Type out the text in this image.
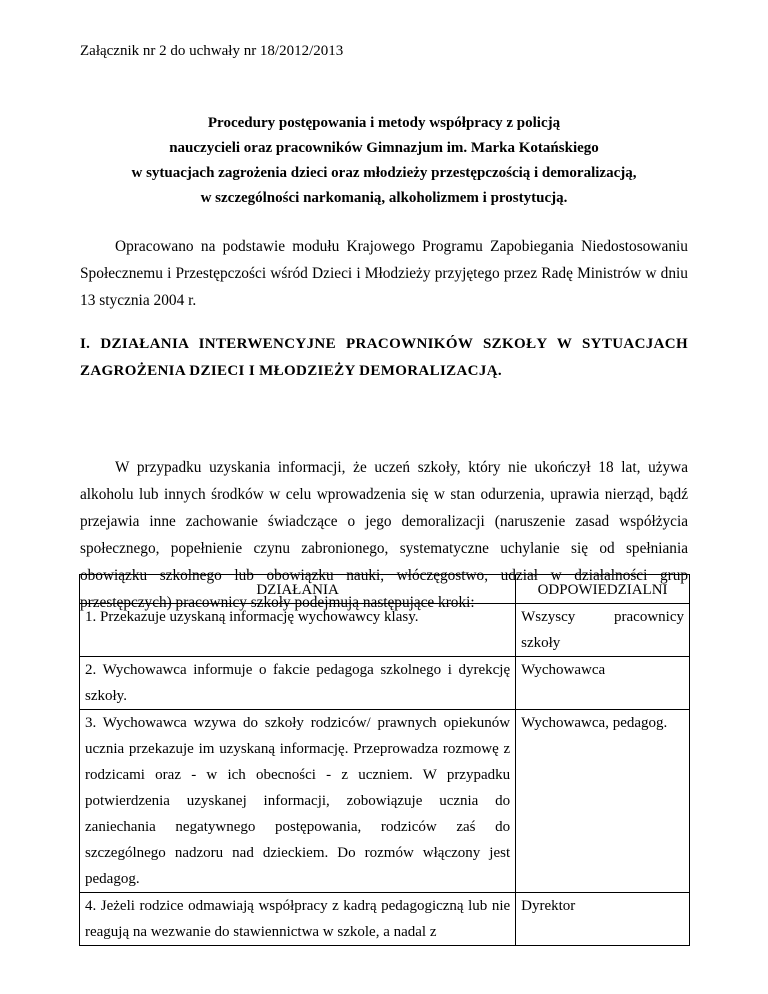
Załącznik nr 2 do uchwały nr 18/2012/2013

Procedury postępowania i metody współpracy z policją
nauczycieli oraz pracowników Gimnazjum im. Marka Kotańskiego
w sytuacjach zagrożenia dzieci oraz młodzieży przestępczością i demoralizacją,
w szczególności narkomanią, alkoholizmem i prostytucją.

Opracowano na podstawie modułu Krajowego Programu Zapobiegania Niedostosowaniu Społecznemu i Przestępczości wśród Dzieci i Młodzieży przyjętego przez Radę Ministrów w dniu 13 stycznia 2004 r.

I. DZIAŁANIA INTERWENCYJNE PRACOWNIKÓW SZKOŁY W SYTUACJACH
ZAGROŻENIA DZIECI I MŁODZIEŻY DEMORALIZACJĄ.

W przypadku uzyskania informacji, że uczeń szkoły, który nie ukończył 18 lat, używa alkoholu lub innych środków w celu wprowadzenia się w stan odurzenia, uprawia nierząd, bądź przejawia inne zachowanie świadczące o jego demoralizacji (naruszenie zasad współżycia społecznego, popełnienie czynu zabronionego, systematyczne uchylanie się od spełniania obowiązku szkolnego lub obowiązku nauki, włóczęgostwo, udział w działalności grup przestępczych) pracownicy szkoły podejmują następujące kroki:

DZIAŁANIA	ODPOWIEDZIALNI
1. Przekazuje uzyskaną informację wychowawcy klasy.	Wszyscy pracownicy szkoły
2. Wychowawca informuje o fakcie pedagoga szkolnego i dyrekcję szkoły.	Wychowawca
3. Wychowawca wzywa do szkoły rodziców/ prawnych opiekunów ucznia przekazuje im uzyskaną informację. Przeprowadza rozmowę z rodzicami oraz - w ich obecności - z uczniem. W przypadku potwierdzenia uzyskanej informacji, zobowiązuje ucznia do zaniechania negatywnego postępowania, rodziców zaś do szczególnego nadzoru nad dzieckiem. Do rozmów włączony jest pedagog.	Wychowawca, pedagog.
4. Jeżeli rodzice odmawiają współpracy z kadrą pedagogiczną lub nie reagują na wezwanie do stawiennictwa w szkole, a nadal z	Dyrektor
